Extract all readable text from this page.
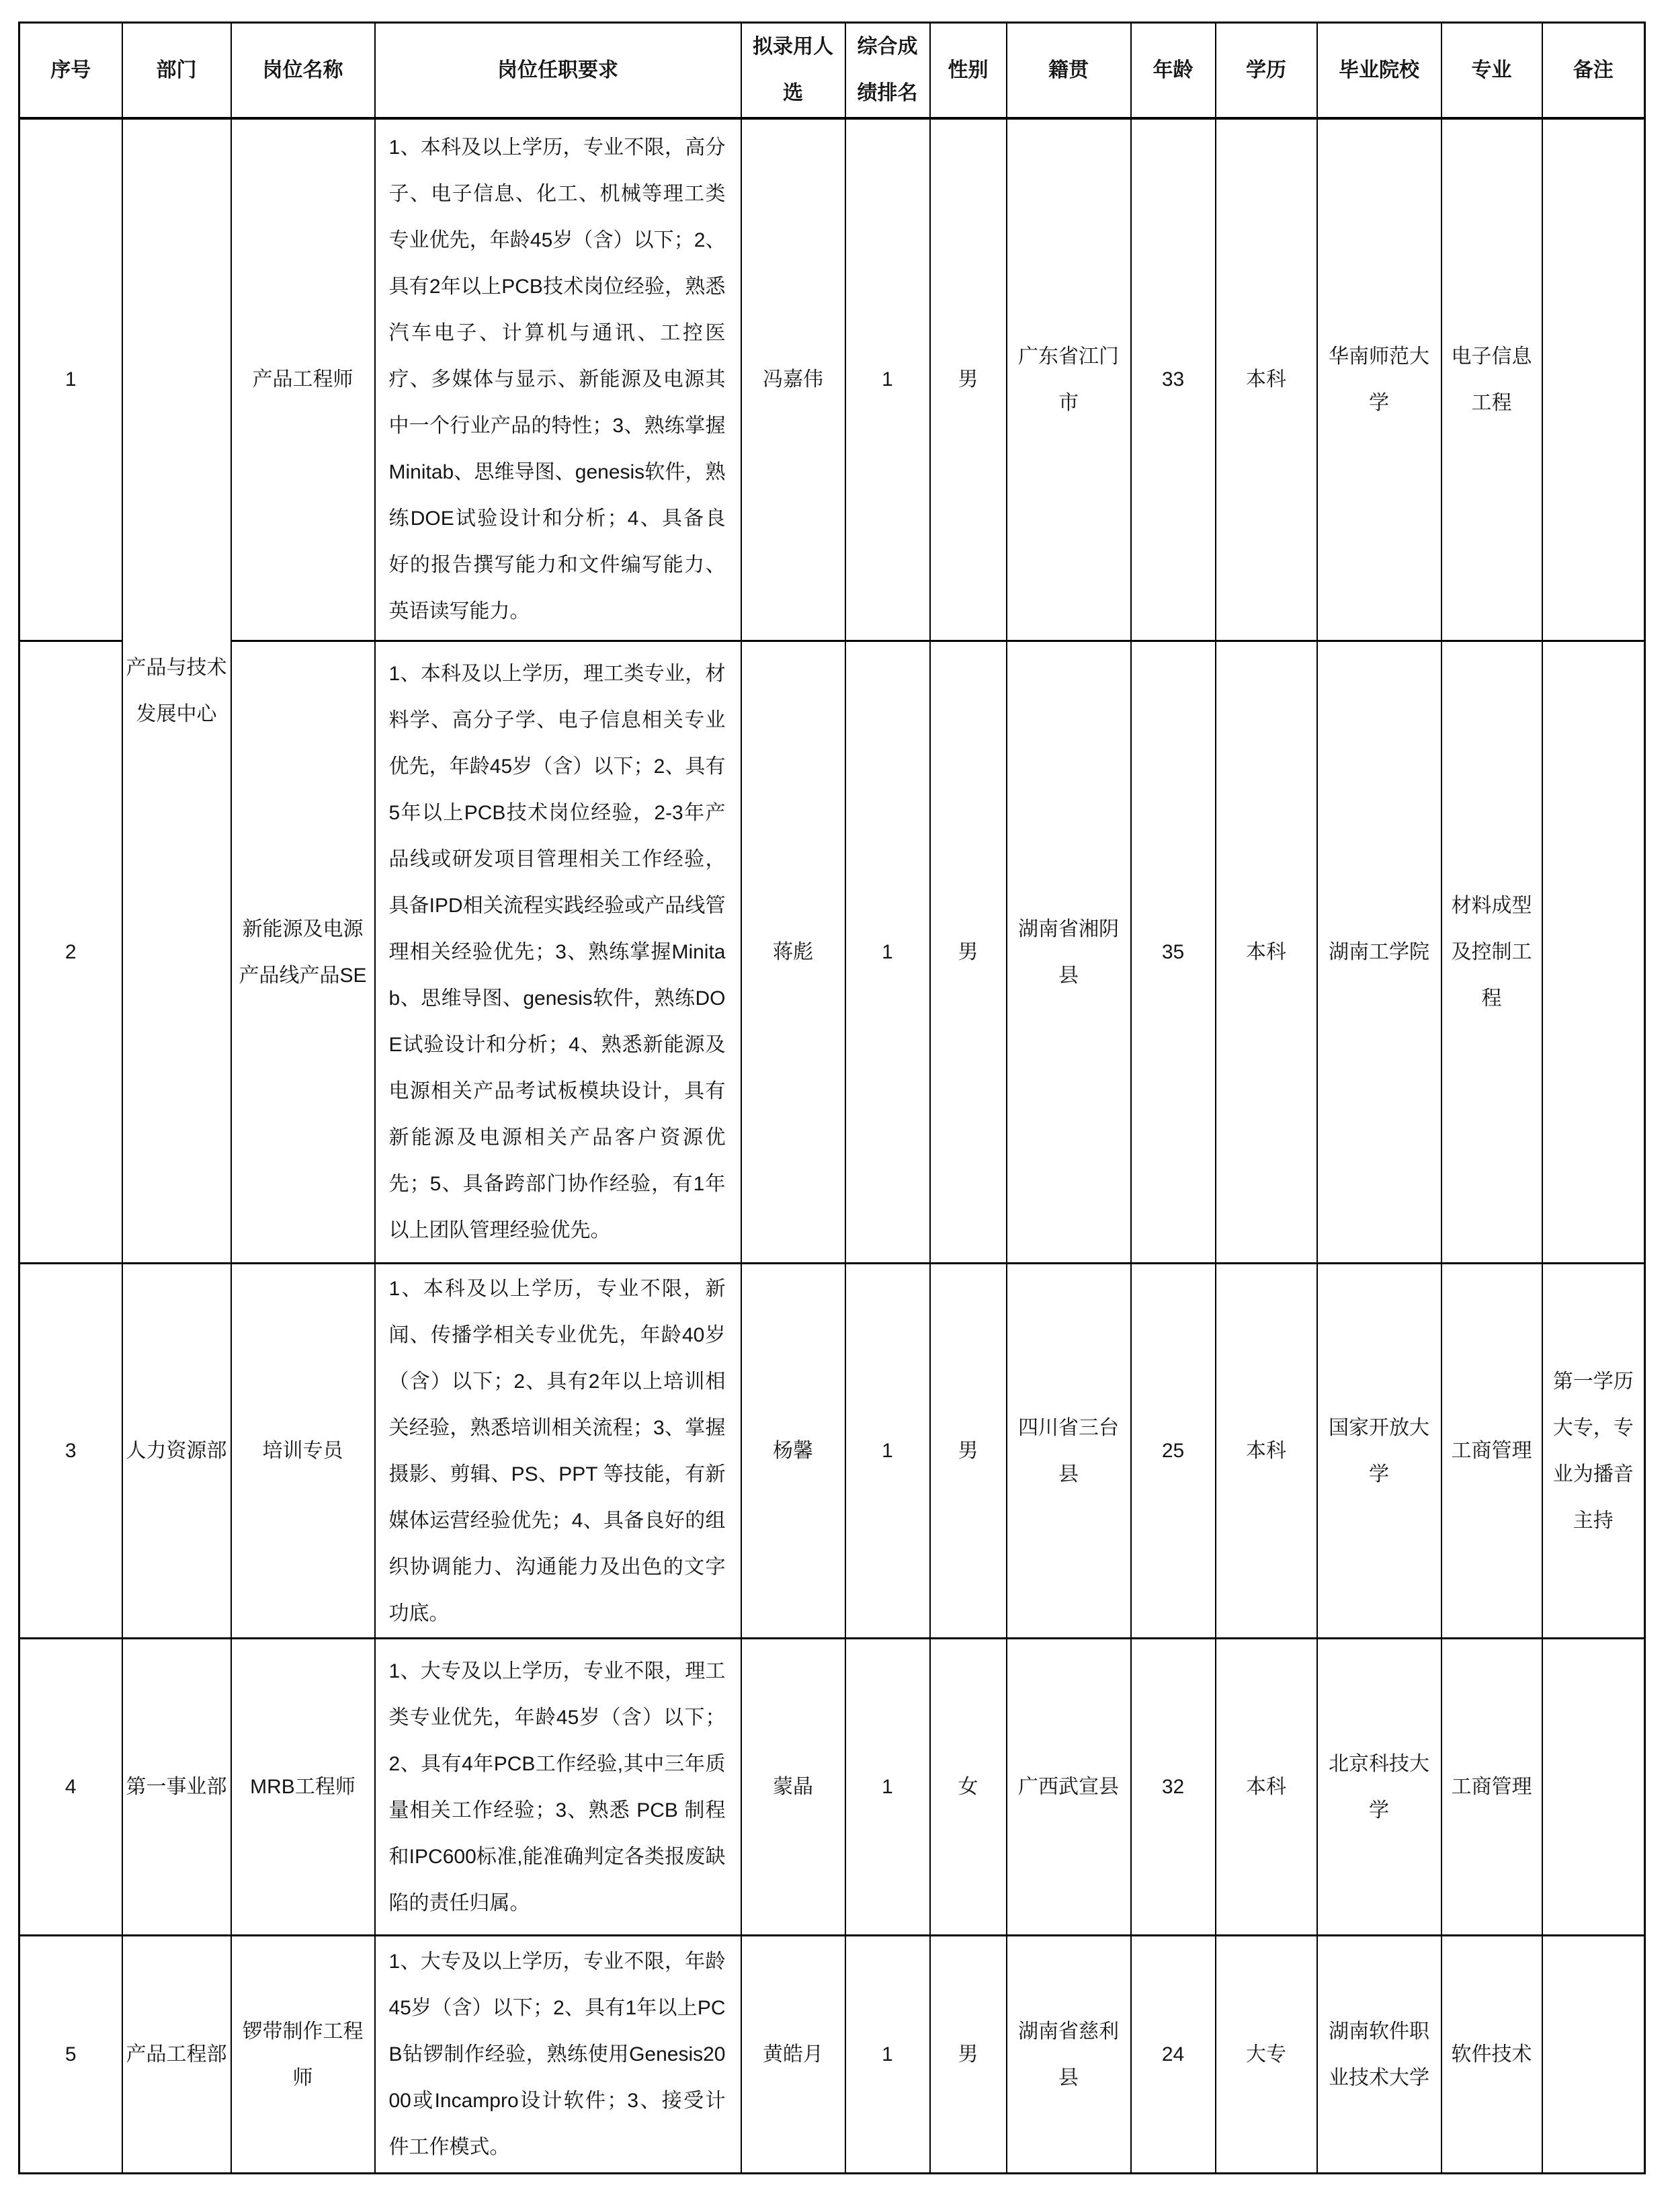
序号	部门	岗位名称	岗位任职要求	拟录用人选	综合成绩排名	性别	籍贯	年龄	学历	毕业院校	专业	备注
1	产品与技术发展中心	产品工程师	1、本科及以上学历，专业不限，高分子、电子信息、化工、机械等理工类专业优先，年龄45岁（含）以下；2、具有2年以上PCB技术岗位经验，熟悉汽车电子、计算机与通讯、工控医疗、多媒体与显示、新能源及电源其中一个行业产品的特性；3、熟练掌握Minitab、思维导图、genesis软件，熟练DOE试验设计和分析；4、具备良好的报告撰写能力和文件编写能力、英语读写能力。	冯嘉伟	1	男	广东省江门市	33	本科	华南师范大学	电子信息工程	
2		新能源及电源产品线产品SE	1、本科及以上学历，理工类专业，材料学、高分子学、电子信息相关专业优先，年龄45岁（含）以下；2、具有5年以上PCB技术岗位经验，2-3年产品线或研发项目管理相关工作经验，具备IPD相关流程实践经验或产品线管理相关经验优先；3、熟练掌握Minitab、思维导图、genesis软件，熟练DOE试验设计和分析；4、熟悉新能源及电源相关产品考试板模块设计，具有新能源及电源相关产品客户资源优先；5、具备跨部门协作经验，有1年以上团队管理经验优先。	蒋彪	1	男	湖南省湘阴县	35	本科	湖南工学院	材料成型及控制工程	
3	人力资源部	培训专员	1、本科及以上学历，专业不限，新闻、传播学相关专业优先，年龄40岁（含）以下；2、具有2年以上培训相关经验，熟悉培训相关流程；3、掌握摄影、剪辑、PS、PPT 等技能，有新媒体运营经验优先；4、具备良好的组织协调能力、沟通能力及出色的文字功底。	杨馨	1	男	四川省三台县	25	本科	国家开放大学	工商管理	第一学历大专，专业为播音主持
4	第一事业部	MRB工程师	1、大专及以上学历，专业不限，理工类专业优先，年龄45岁（含）以下；2、具有4年PCB工作经验,其中三年质量相关工作经验；3、熟悉 PCB 制程和IPC600标准,能准确判定各类报废缺陷的责任归属。	蒙晶	1	女	广西武宣县	32	本科	北京科技大学	工商管理	
5	产品工程部	锣带制作工程师	1、大专及以上学历，专业不限，年龄45岁（含）以下；2、具有1年以上PCB钻锣制作经验，熟练使用Genesis2000或Incampro设计软件；3、接受计件工作模式。	黄皓月	1	男	湖南省慈利县	24	大专	湖南软件职业技术大学	软件技术	
